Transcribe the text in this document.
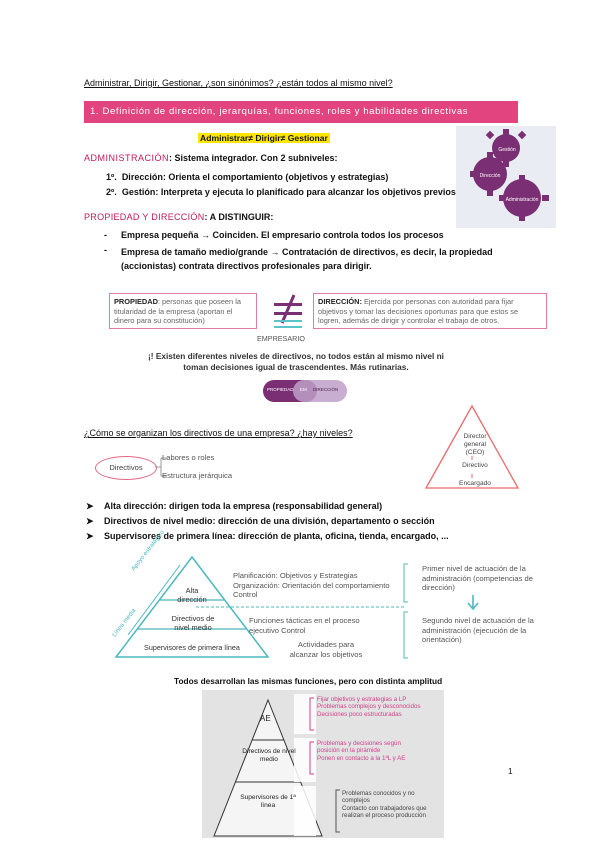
Administrar, Dirigir, Gestionar, ¿son sinónimos? ¿están todos al mismo nivel?
1. Definición de dirección, jerarquías, funciones, roles y habilidades directivas
Administrar≠ Dirigir≠ Gestionar
ADMINISTRACIÓN: Sistema integrador. Con 2 subniveles:
1º. Dirección: Orienta el comportamiento (objetivos y estrategias)
2º. Gestión: Interpreta y ejecuta lo planificado para alcanzar los objetivos previos
Gestión
Dirección
Administración
PROPIEDAD Y DIRECCIÓN: A DISTINGUIR:
- Empresa pequeña → Coinciden. El empresario controla todos los procesos
- Empresa de tamaño medio/grande → Contratación de directivos, es decir, la propiedad (accionistas) contrata directivos profesionales para dirigir.
PROPIEDAD: personas que poseen la titularidad de la empresa (aportan el dinero para su constitución)
DIRECCIÓN: Ejercida por personas con autoridad para fijar objetivos y tomar las decisiones oportunas para que estos se logren, además de dirigir y controlar el trabajo de otros.
EMPRESARIO
¡! Existen diferentes niveles de directivos, no todos están al mismo nivel ni toman decisiones igual de trascendentes. Más rutinarias.
PROPIEDAD EM DIRECCIÓN
¿Cómo se organizan los directivos de una empresa? ¿hay niveles?
Directivos
Labores o roles
Estructura jerárquica
Director general (CEO)
Directivo
Encargado
➤ Alta dirección: dirigen toda la empresa (responsabilidad general)
➤ Directivos de nivel medio: dirección de una división, departamento o sección
➤ Supervisores de primera línea: dirección de planta, oficina, tienda, encargado, ...
Apoyo estratégico
Línea media
Alta dirección
Directivos de nivel medio
Supervisores de primera línea
Planificación: Objetivos y Estrategias Organización: Orientación del comportamiento Control
Funciones tácticas en el proceso ejecutivo Control
Actividades para alcanzar los objetivos
Primer nivel de actuación de la administración (competencias de dirección)
Segundo nivel de actuación de la administración (ejecución de la orientación)
Todos desarrollan las mismas funciones, pero con distinta amplitud
AE
Directivos de nivel medio
Supervisores de 1ª línea
Fijar objetivos y estrategias a LP
Problemas complejos y desconocidos
Decisiones poco estructuradas
Problemas y decisiones según posición en la pirámide
Ponen en contacto a la 1ªL y AE
Problemas conocidos y no complejos
Contacto con trabajadores que realizan el proceso producción
1
